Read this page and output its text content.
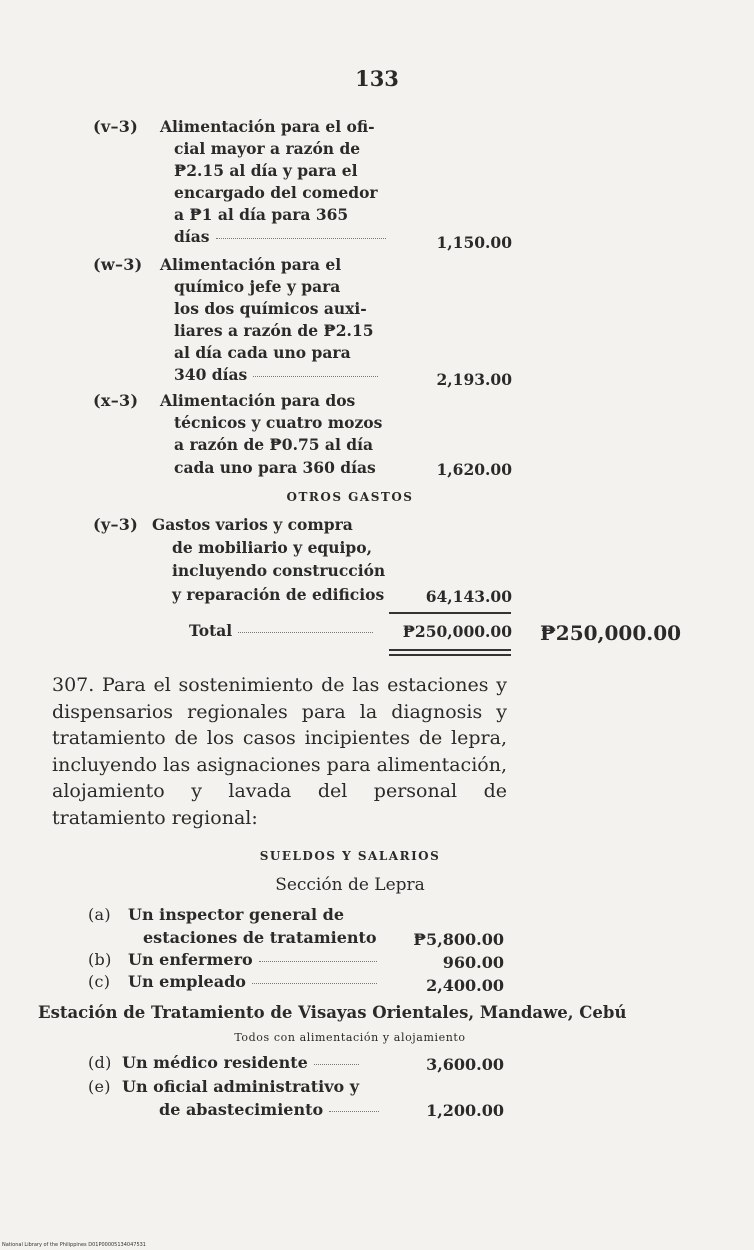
133
(v–3) Alimentación para el ofi-
cial mayor a razón de
₱2.15 al día y para el
encargado del comedor
a ₱1 al día para 365
días	1,150.00
(w–3) Alimentación para el
químico jefe y para
los dos químicos auxi-
liares a razón de ₱2.15
al día cada uno para
340 días	2,193.00
(x–3) Alimentación para dos
técnicos y cuatro mozos
a razón de ₱0.75 al día
cada uno para 360 días	1,620.00
OTROS GASTOS
(y–3) Gastos varios y compra
de mobiliario y equipo,
incluyendo construcción
y reparación de edificios	64,143.00
Total	₱250,000.00 ₱250,000.00
307. Para el sostenimiento de las estaciones y dispensarios regionales para la diagnosis y tratamiento de los casos incipientes de lepra, incluyendo las asignaciones para alimentación, alojamiento y lavada del personal de tratamiento regional:
SUELDOS Y SALARIOS
Sección de Lepra
(a) Un inspector general de
estaciones de tratamiento	₱5,800.00
(b) Un enfermero	960.00
(c) Un empleado	2,400.00
Estación de Tratamiento de Visayas Orientales, Mandawe, Cebú
Todos con alimentación y alojamiento
(d) Un médico residente	3,600.00
(e) Un oficial administrativo y
de abastecimiento	1,200.00
National Library of the Philippines D01P00005134047531
